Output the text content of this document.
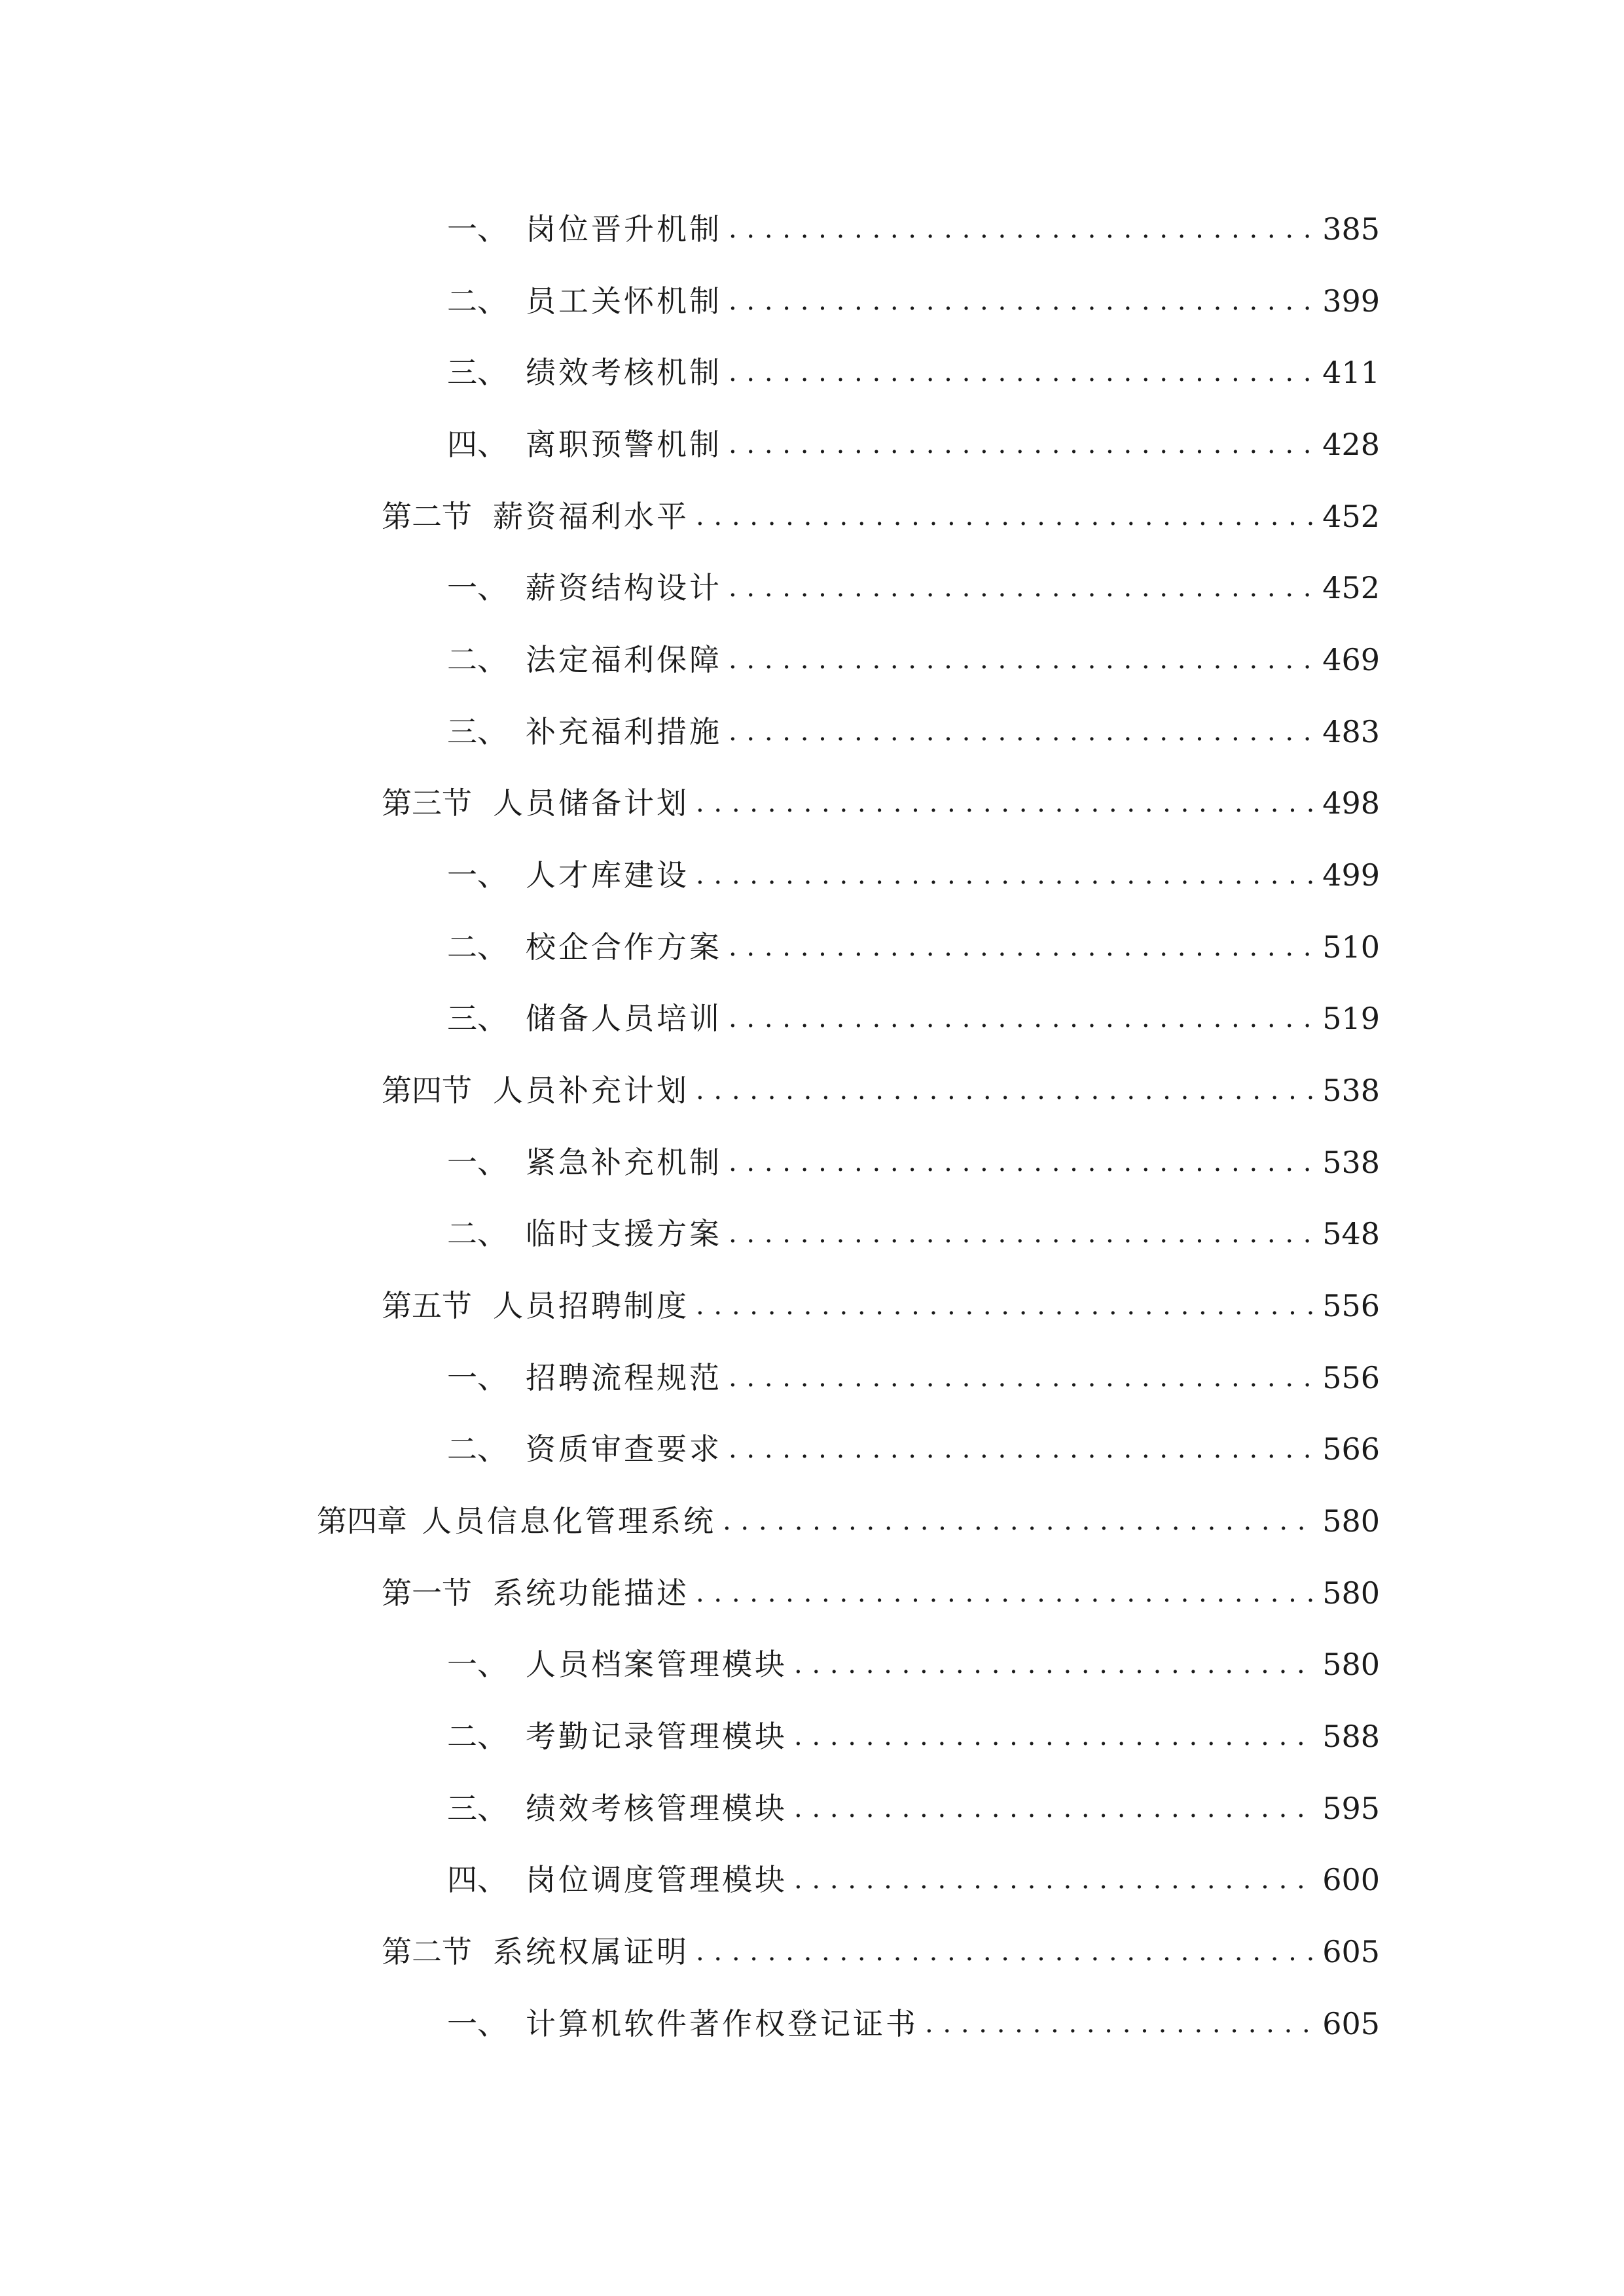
一、 岗位晋升机制 . . .	385
二、 员工关怀机制 . . .	399
三、 绩效考核机制 . . .	411
四、 离职预警机制 . . .	428
第二节 薪资福利水平 . . .	452
一、 薪资结构设计 . . .	452
二、 法定福利保障 . . .	469
三、 补充福利措施 . . .	483
第三节 人员储备计划 . . .	498
一、 人才库建设 . . .	499
二、 校企合作方案 . . .	510
三、 储备人员培训 . . .	519
第四节 人员补充计划 . . .	538
一、 紧急补充机制 . . .	538
二、 临时支援方案 . . .	548
第五节 人员招聘制度 . . .	556
一、 招聘流程规范 . . .	556
二、 资质审查要求 . . .	566
第四章 人员信息化管理系统 . . .	580
第一节 系统功能描述 . . .	580
一、 人员档案管理模块 . . .	580
二、 考勤记录管理模块 . . .	588
三、 绩效考核管理模块 . . .	595
四、 岗位调度管理模块 . . .	600
第二节 系统权属证明 . . .	605
一、 计算机软件著作权登记证书 . . .	605
